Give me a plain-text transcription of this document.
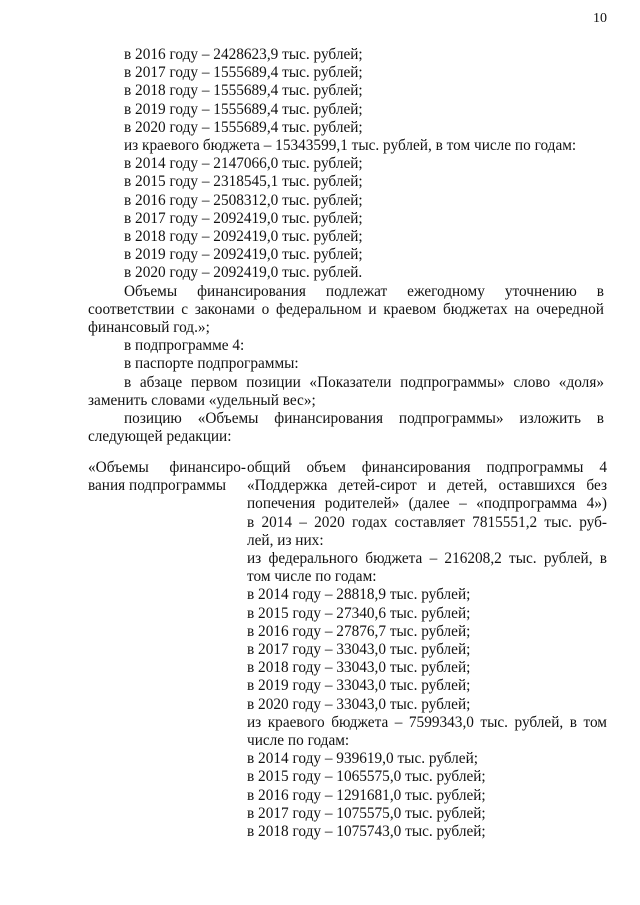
10
в 2016 году – 2428623,9 тыс. рублей;
в 2017 году – 1555689,4 тыс. рублей;
в 2018 году – 1555689,4 тыс. рублей;
в 2019 году – 1555689,4 тыс. рублей;
в 2020 году – 1555689,4 тыс. рублей;
из краевого бюджета – 15343599,1 тыс. рублей, в том числе по годам:
в 2014 году – 2147066,0 тыс. рублей;
в 2015 году – 2318545,1 тыс. рублей;
в 2016 году – 2508312,0 тыс. рублей;
в 2017 году – 2092419,0 тыс. рублей;
в 2018 году – 2092419,0 тыс. рублей;
в 2019 году – 2092419,0 тыс. рублей;
в 2020 году – 2092419,0 тыс. рублей.
Объемы финансирования подлежат ежегодному уточнению в соответствии с законами о федеральном и краевом бюджетах на очередной финансовый год.»;
в подпрограмме 4:
в паспорте подпрограммы:
в абзаце первом позиции «Показатели подпрограммы» слово «доля» заменить словами «удельный вес»;
позицию «Объемы финансирования подпрограммы» изложить в следующей редакции:
«Объемы финансиро-
вания подпрограммы
общий объем финансирования подпрограммы 4
«Поддержка детей-сирот и детей, оставшихся без
попечения родителей» (далее – «подпрограмма 4»)
в 2014 – 2020 годах составляет 7815551,2 тыс. руб-
лей, из них:
из федерального бюджета – 216208,2 тыс. рублей, в
том числе по годам:
в 2014 году – 28818,9 тыс. рублей;
в 2015 году – 27340,6 тыс. рублей;
в 2016 году – 27876,7 тыс. рублей;
в 2017 году – 33043,0 тыс. рублей;
в 2018 году – 33043,0 тыс. рублей;
в 2019 году – 33043,0 тыс. рублей;
в 2020 году – 33043,0 тыс. рублей;
из краевого бюджета – 7599343,0 тыс. рублей, в том
числе по годам:
в 2014 году – 939619,0 тыс. рублей;
в 2015 году – 1065575,0 тыс. рублей;
в 2016 году – 1291681,0 тыс. рублей;
в 2017 году – 1075575,0 тыс. рублей;
в 2018 году – 1075743,0 тыс. рублей;
